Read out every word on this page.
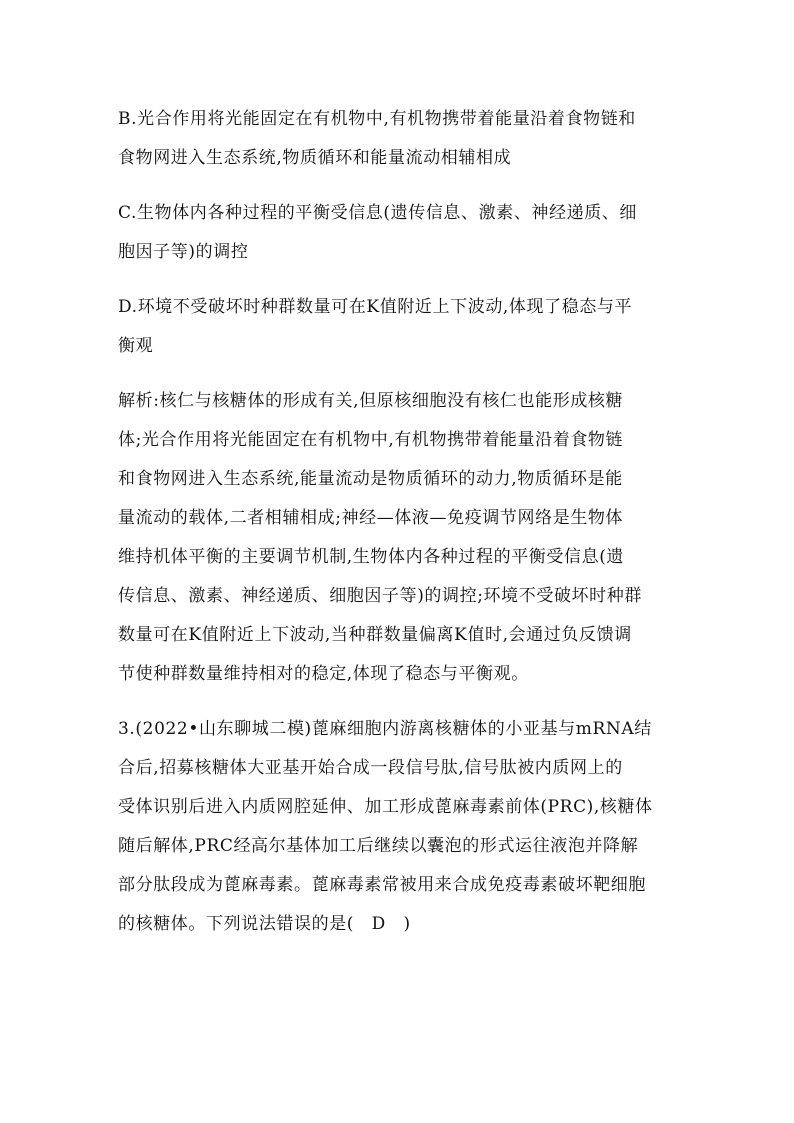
B.光合作用将光能固定在有机物中,有机物携带着能量沿着食物链和
食物网进入生态系统,物质循环和能量流动相辅相成

C.生物体内各种过程的平衡受信息(遗传信息、激素、神经递质、细
胞因子等)的调控

D.环境不受破坏时种群数量可在K值附近上下波动,体现了稳态与平
衡观

解析:核仁与核糖体的形成有关,但原核细胞没有核仁也能形成核糖
体;光合作用将光能固定在有机物中,有机物携带着能量沿着食物链
和食物网进入生态系统,能量流动是物质循环的动力,物质循环是能
量流动的载体,二者相辅相成;神经—体液—免疫调节网络是生物体
维持机体平衡的主要调节机制,生物体内各种过程的平衡受信息(遗
传信息、激素、神经递质、细胞因子等)的调控;环境不受破坏时种群
数量可在K值附近上下波动,当种群数量偏离K值时,会通过负反馈调
节使种群数量维持相对的稳定,体现了稳态与平衡观。

3.(2022•山东聊城二模)蓖麻细胞内游离核糖体的小亚基与mRNA结
合后,招募核糖体大亚基开始合成一段信号肽,信号肽被内质网上的
受体识别后进入内质网腔延伸、加工形成蓖麻毒素前体(PRC),核糖体
随后解体,PRC经高尔基体加工后继续以囊泡的形式运往液泡并降解
部分肽段成为蓖麻毒素。蓖麻毒素常被用来合成免疫毒素破坏靶细胞
的核糖体。下列说法错误的是(　D　)
